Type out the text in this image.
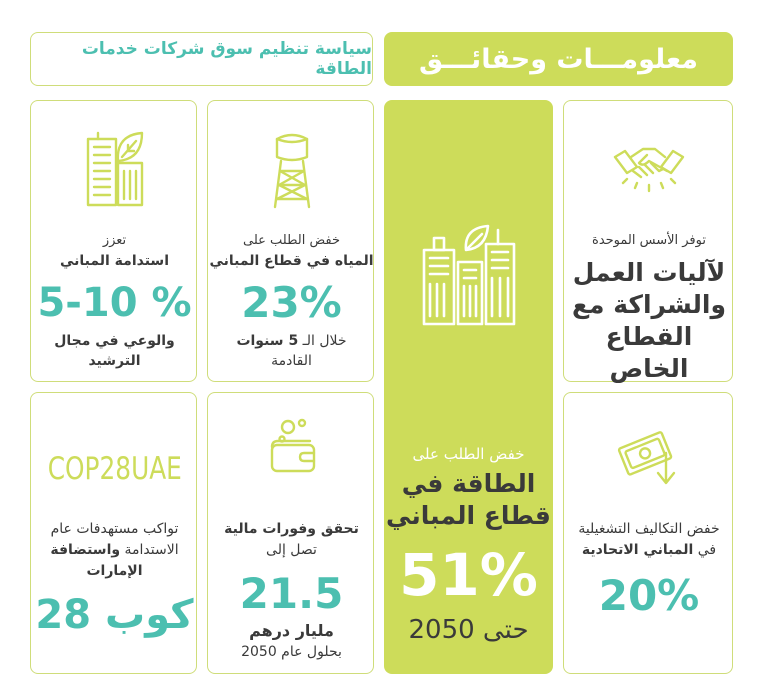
معلومـــات وحقائـــق
سياسة تنظيم سوق شركات خدمات الطاقة
توفر الأسس الموحدة
لآليات العمل
والشراكة مع
القطاع الخاص
خفض الطلب على
الطاقة في
قطاع المباني
51%
حتى 2050
خفض الطلب على
المياه في قطاع المباني
23%
خلال الـ 5 سنوات
القادمة
تعزز
استدامة المباني
5-10 %
والوعي في مجال
الترشيد
خفض التكاليف التشغيلية
في المباني الاتحادية
20%
تحقق وفورات مالية
تصل إلى
21.5
مليار درهم
بحلول عام 2050
COP28UAE
تواكب مستهدفات عام
الاستدامة واستضافة
الإمارات
كوب 28
